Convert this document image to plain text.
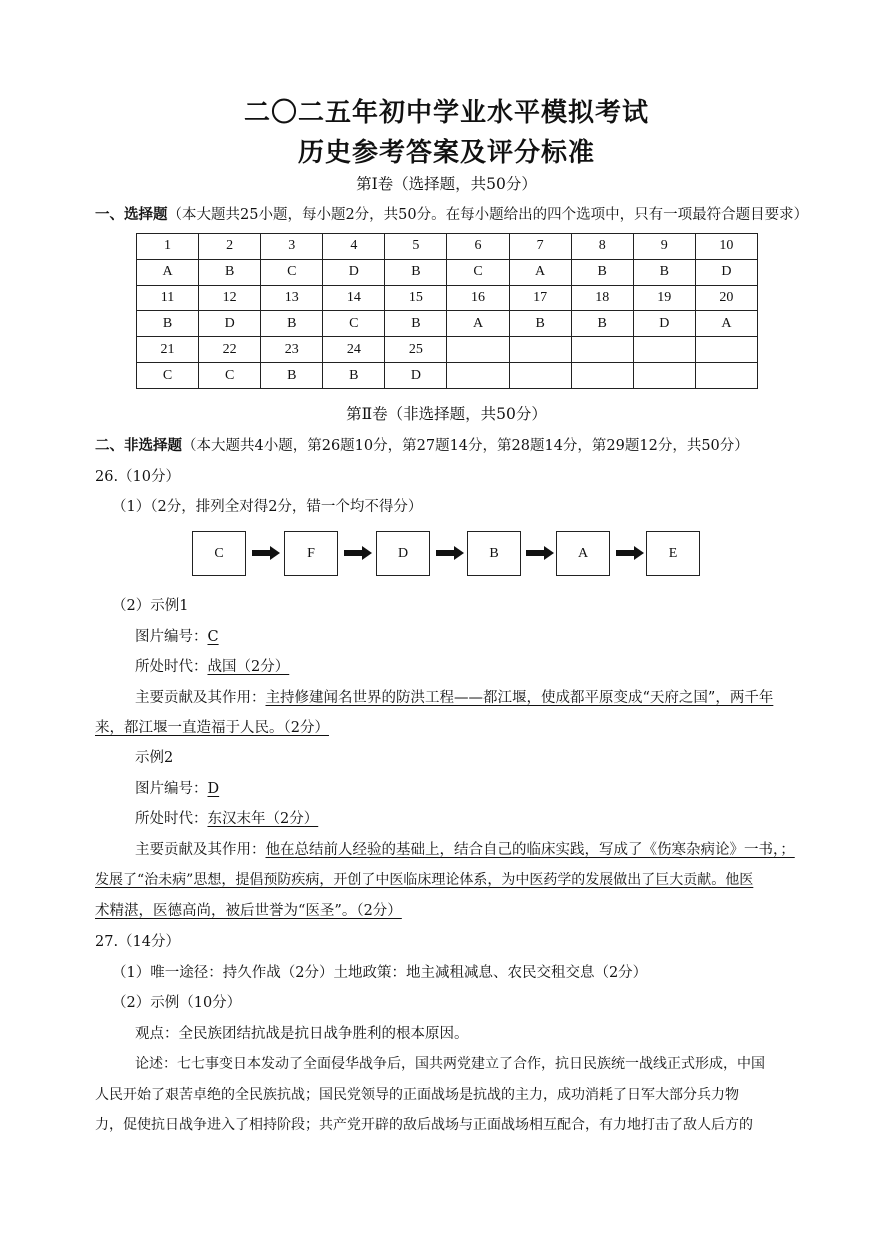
二〇二五年初中学业水平模拟考试
历史参考答案及评分标准
第Ⅰ卷（选择题，共50分）
一、选择题（本大题共25小题，每小题2分，共50分。在每小题给出的四个选项中，只有一项最符合题目要求）
1	2	3	4	5	6	7	8	9	10
A	B	C	D	B	C	A	B	B	D
11	12	13	14	15	16	17	18	19	20
B	D	B	C	B	A	B	B	D	A
21	22	23	24	25					
C	C	B	B	D					
第Ⅱ卷（非选择题，共50分）
二、非选择题（本大题共4小题，第26题10分，第27题14分，第28题14分，第29题12分，共50分）
26.（10分）
（1）（2分，排列全对得2分，错一个均不得分）
C	F	D	B	A	E
（2）示例1
图片编号：C
所处时代：战国（2分）
主要贡献及其作用：主持修建闻名世界的防洪工程——都江堰，使成都平原变成“天府之国”，两千年
来，都江堰一直造福于人民。（2分）
示例2
图片编号：D
所处时代：东汉末年（2分）
主要贡献及其作用：他在总结前人经验的基础上，结合自己的临床实践，写成了《伤寒杂病论》一书，；
发展了“治未病”思想，提倡预防疾病，开创了中医临床理论体系，为中医药学的发展做出了巨大贡献。他医
术精湛，医德高尚，被后世誉为“医圣”。（2分）
27.（14分）
（1）唯一途径：持久作战（2分）土地政策：地主减租减息、农民交租交息（2分）
（2）示例（10分）
观点：全民族团结抗战是抗日战争胜利的根本原因。
论述：七七事变日本发动了全面侵华战争后，国共两党建立了合作，抗日民族统一战线正式形成，中国
人民开始了艰苦卓绝的全民族抗战；国民党领导的正面战场是抗战的主力，成功消耗了日军大部分兵力物
力，促使抗日战争进入了相持阶段；共产党开辟的敌后战场与正面战场相互配合，有力地打击了敌人后方的
